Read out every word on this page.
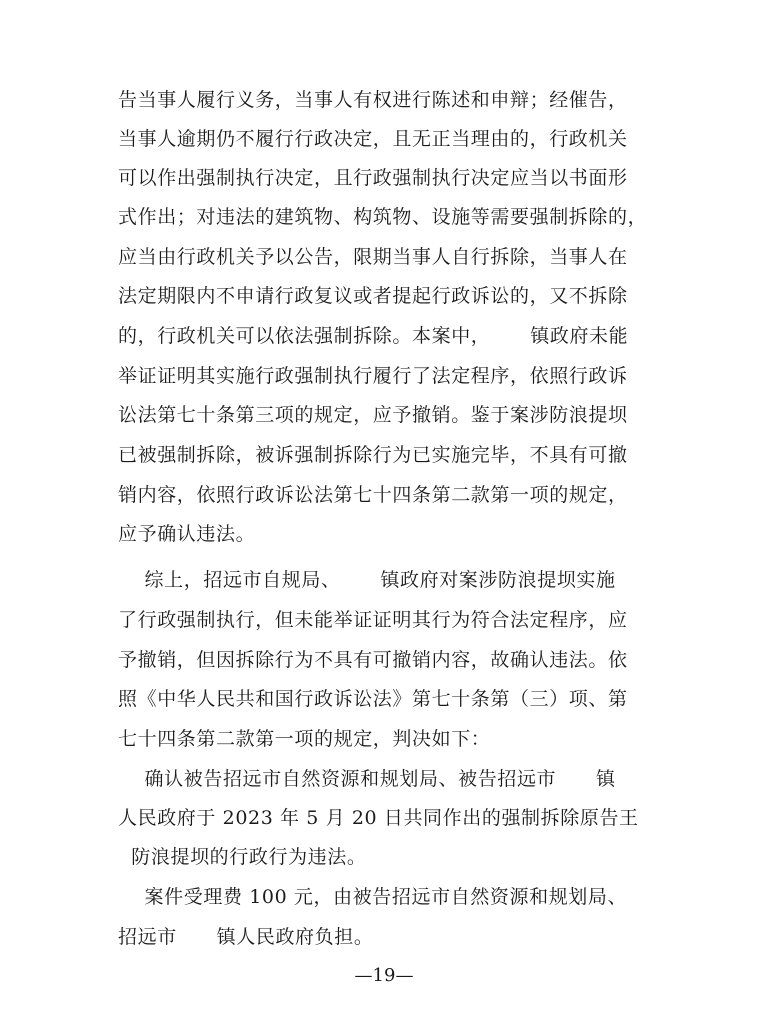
告当事人履行义务，当事人有权进行陈述和申辩；经催告，
当事人逾期仍不履行行政决定，且无正当理由的，行政机关
可以作出强制执行决定，且行政强制执行决定应当以书面形
式作出；对违法的建筑物、构筑物、设施等需要强制拆除的，
应当由行政机关予以公告，限期当事人自行拆除，当事人在
法定期限内不申请行政复议或者提起行政诉讼的，又不拆除
的，行政机关可以依法强制拆除。本案中，      镇政府未能
举证证明其实施行政强制执行履行了法定程序，依照行政诉
讼法第七十条第三项的规定，应予撤销。鉴于案涉防浪提坝
已被强制拆除，被诉强制拆除行为已实施完毕，不具有可撤
销内容，依照行政诉讼法第七十四条第二款第一项的规定，
应予确认违法。
综上，招远市自规局、      镇政府对案涉防浪提坝实施
了行政强制执行，但未能举证证明其行为符合法定程序，应
予撤销，但因拆除行为不具有可撤销内容，故确认违法。依
照《中华人民共和国行政诉讼法》第七十条第（三）项、第
七十四条第二款第一项的规定，判决如下：
确认被告招远市自然资源和规划局、被告招远市      镇
人民政府于 2023 年 5 月 20 日共同作出的强制拆除原告王
防浪提坝的行政行为违法。
案件受理费 100 元，由被告招远市自然资源和规划局、
招远市      镇人民政府负担。
—19—
